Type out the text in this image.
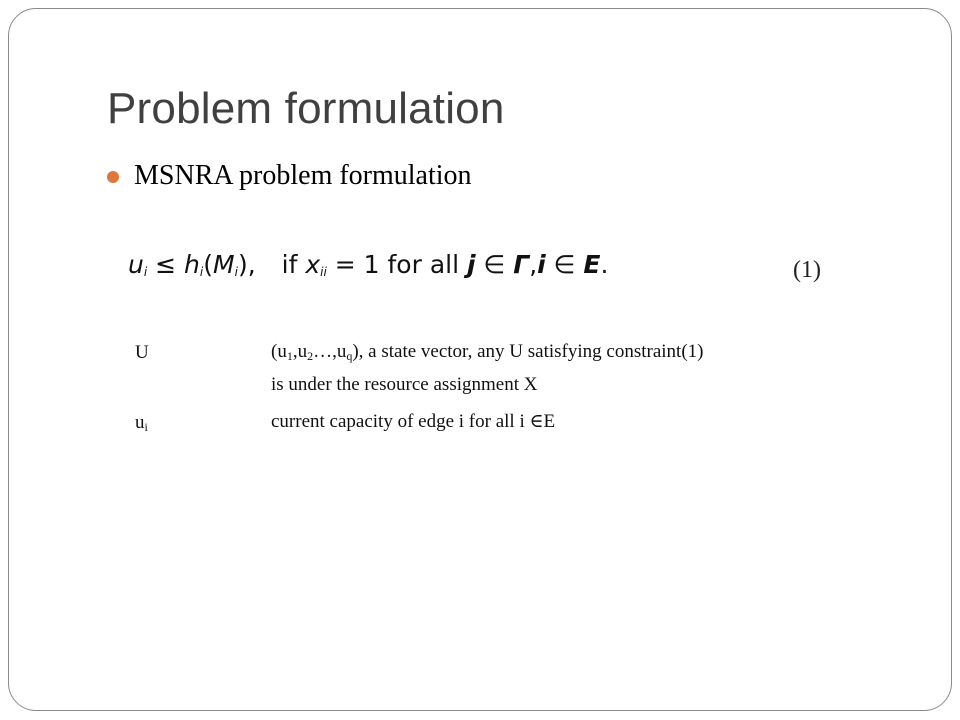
Problem formulation
MSNRA problem formulation
$u_i \le h_i(M_i)$, if $x_{ii} = 1$ for all j ∈ Γ,i ∈ E.	(1)
U	$(u_1,u_2\dots,u_q)$, a state vector, any U satisfying constraint(1)
is under the resource assignment X
$u_i$	current capacity of edge i for all i ∈E
